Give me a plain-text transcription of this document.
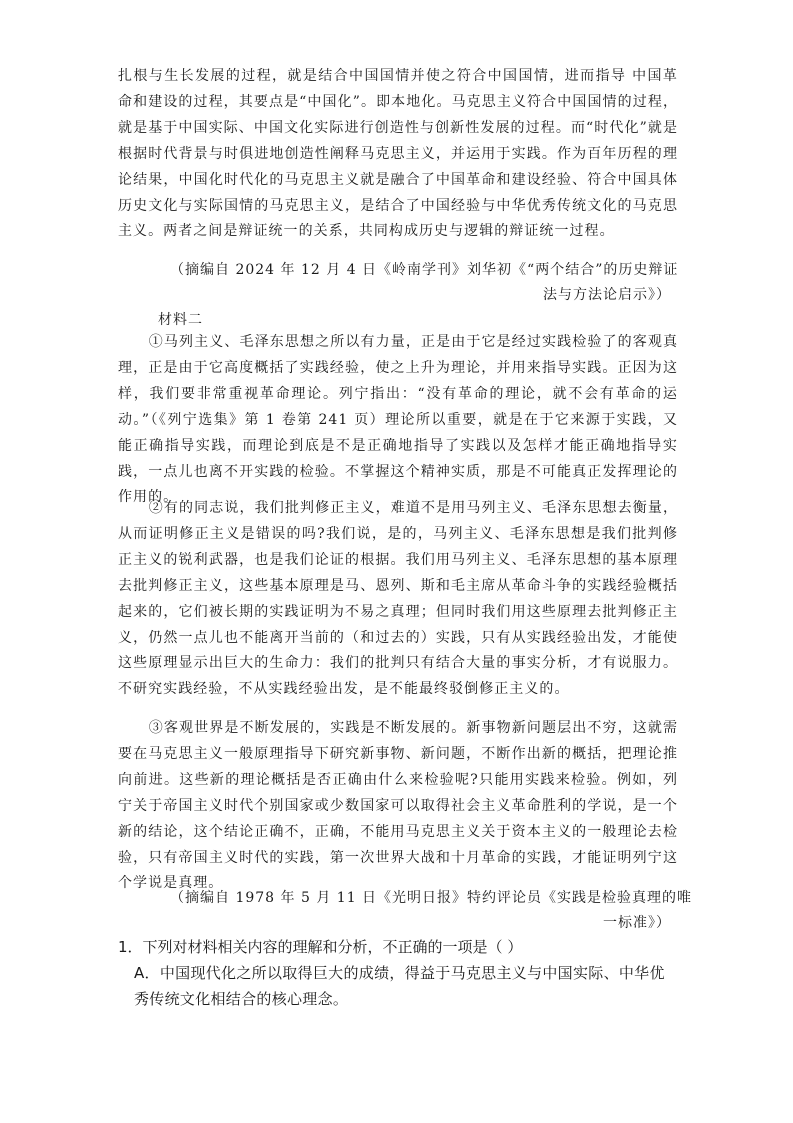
扎根与生长发展的过程，就是结合中国国情并使之符合中国国情，进而指导 中国革命和建设的过程，其要点是“中国化”。即本地化。马克思主义符合中国国情的过程，就是基于中国实际、中国文化实际进行创造性与创新性发展的过程。而“时代化”就是根据时代背景与时俱进地创造性阐释马克思主义，并运用于实践。作为百年历程的理论结果，中国化时代化的马克思主义就是融合了中国革命和建设经验、符合中国具体历史文化与实际国情的马克思主义，是结合了中国经验与中华优秀传统文化的马克思主义。两者之间是辩证统一的关系，共同构成历史与逻辑的辩证统一过程。

（摘编自 2024 年 12 月 4 日《岭南学刊》刘华初《“两个结合”的历史辩证
法与方法论启示》）
材料二

①马列主义、毛泽东思想之所以有力量，正是由于它是经过实践检验了的客观真理，正是由于它高度概括了实践经验，使之上升为理论，并用来指导实践。正因为这样，我们要非常重视革命理论。列宁指出：“没有革命的理论，就不会有革命的运动。”（《列宁选集》第 1 卷第 241 页）理论所以重要，就是在于它来源于实践，又能正确指导实践，而理论到底是不是正确地指导了实践以及怎样才能正确地指导实践，一点儿也离不开实践的检验。不掌握这个精神实质，那是不可能真正发挥理论的作用的。

②有的同志说，我们批判修正主义，难道不是用马列主义、毛泽东思想去衡量，从而证明修正主义是错误的吗?我们说，是的，马列主义、毛泽东思想是我们批判修正主义的锐利武器，也是我们论证的根据。我们用马列主义、毛泽东思想的基本原理去批判修正主义，这些基本原理是马、恩列、斯和毛主席从革命斗争的实践经验概括起来的，它们被长期的实践证明为不易之真理；但同时我们用这些原理去批判修正主义，仍然一点儿也不能离开当前的（和过去的）实践，只有从实践经验出发，才能使这些原理显示出巨大的生命力：我们的批判只有结合大量的事实分析，才有说服力。不研究实践经验，不从实践经验出发，是不能最终驳倒修正主义的。

③客观世界是不断发展的，实践是不断发展的。新事物新问题层出不穷，这就需要在马克思主义一般原理指导下研究新事物、新问题，不断作出新的概括，把理论推向前进。这些新的理论概括是否正确由什么来检验呢?只能用实践来检验。例如，列宁关于帝国主义时代个别国家或少数国家可以取得社会主义革命胜利的学说，是一个新的结论，这个结论正确不，正确，不能用马克思主义关于资本主义的一般理论去检验，只有帝国主义时代的实践，第一次世界大战和十月革命的实践，才能证明列宁这个学说是真理。

（摘编自 1978 年 5 月 11 日《光明日报》特约评论员《实践是检验真理的唯
一标准》）

1．下列对材料相关内容的理解和分析，不正确的一项是（ ）

A．中国现代化之所以取得巨大的成绩，得益于马克思主义与中国实际、中华优秀传统文化相结合的核心理念。
